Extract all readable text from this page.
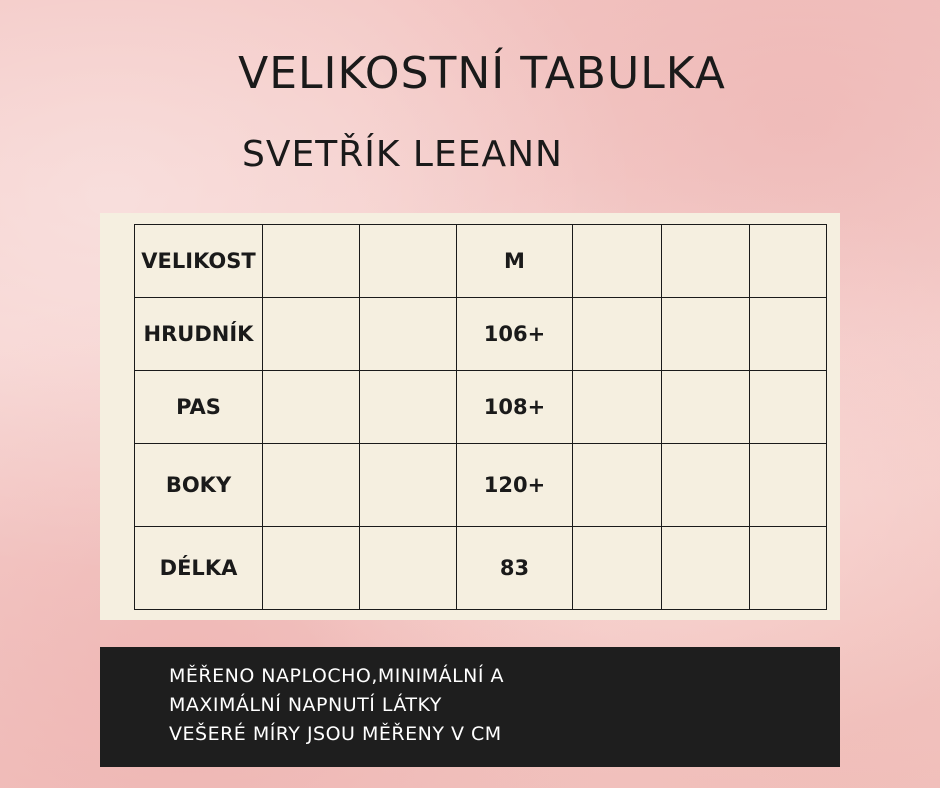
VELIKOSTNÍ TABULKA
SVETŘÍK LEEANN
VELIKOST			M			
HRUDNÍK			106+			
PAS			108+			
BOKY			120+			
DÉLKA			83			

MĚŘENO NAPLOCHO,MINIMÁLNÍ A

MAXIMÁLNÍ NAPNUTÍ LÁTKY

VEŠERÉ MÍRY JSOU MĚŘENY V CM
